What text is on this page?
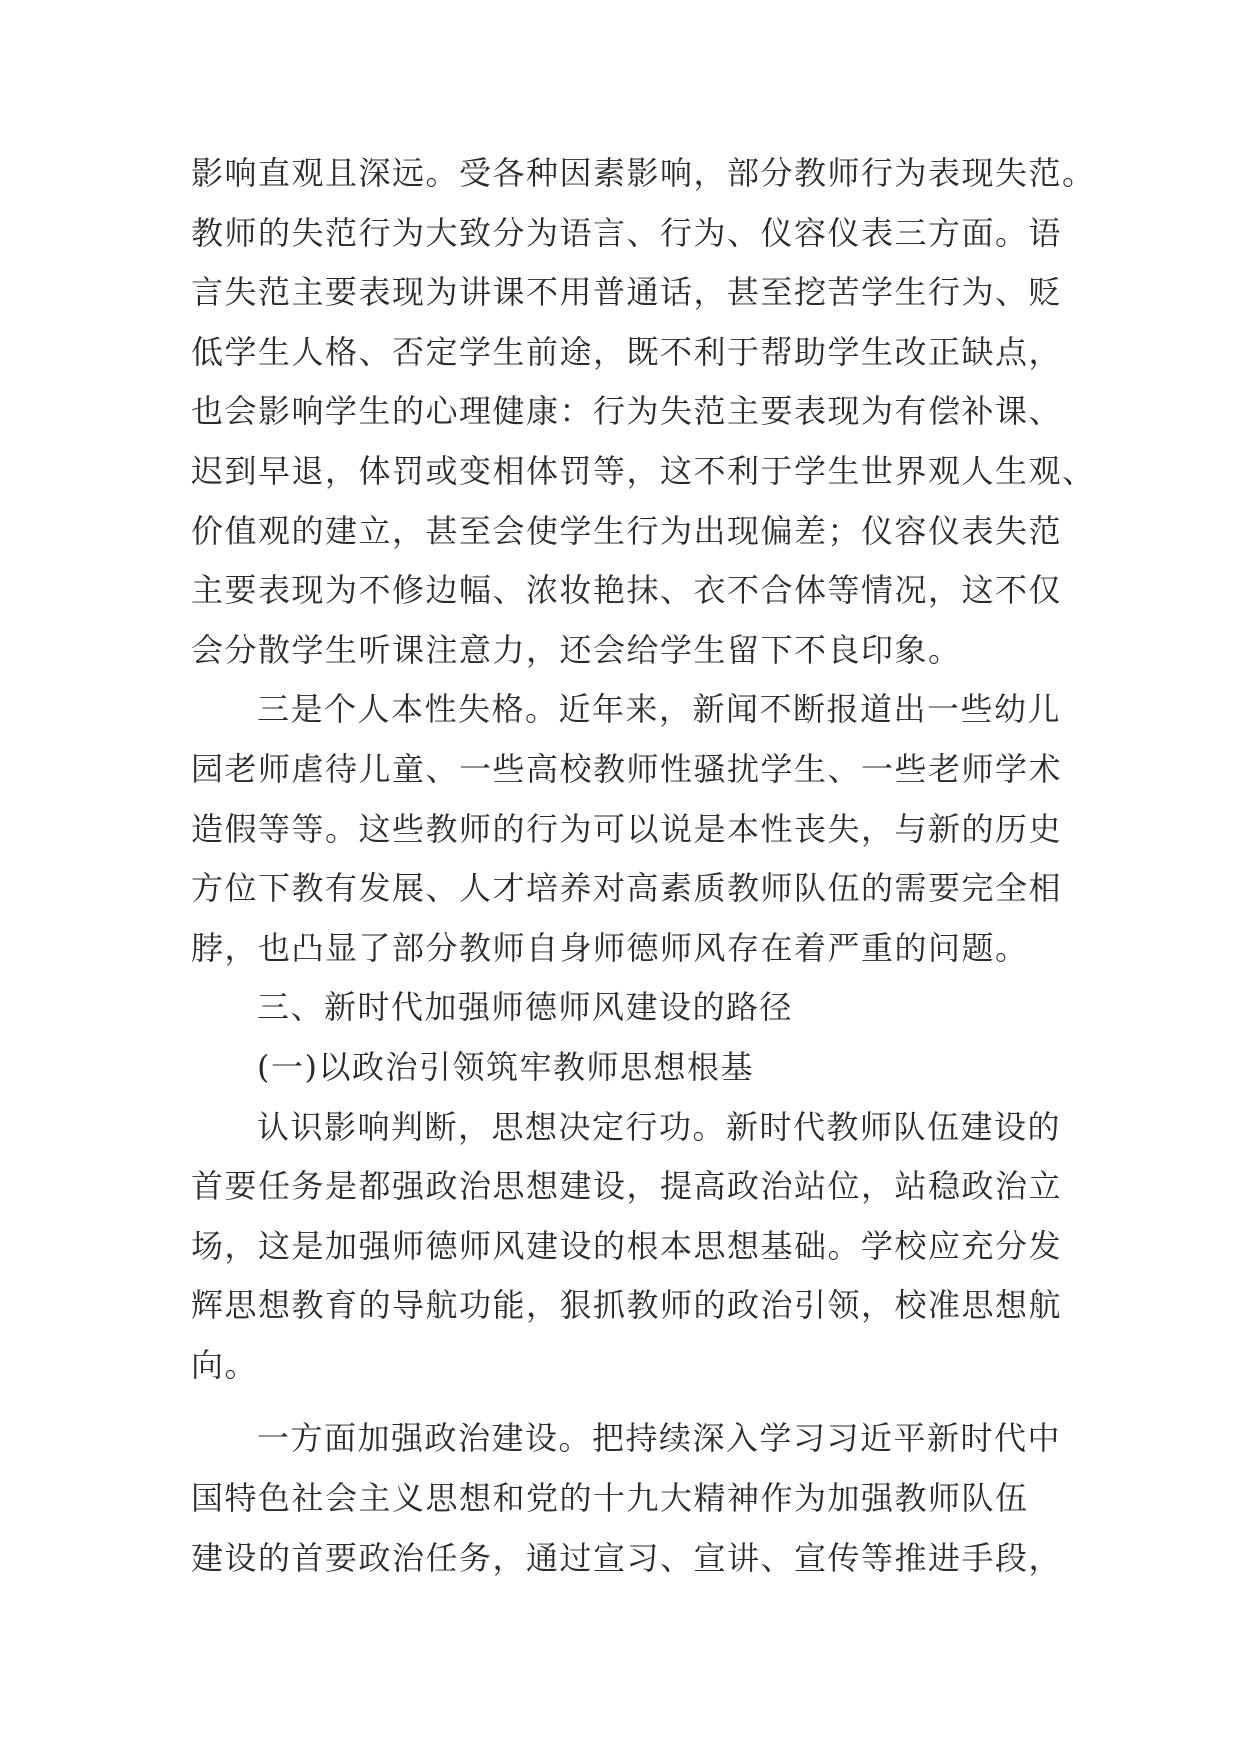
影响直观且深远。受各种因素影响，部分教师行为表现失范。
教师的失范行为大致分为语言、行为、仪容仪表三方面。语
言失范主要表现为讲课不用普通话，甚至挖苦学生行为、贬
低学生人格、否定学生前途，既不利于帮助学生改正缺点，
也会影响学生的心理健康：行为失范主要表现为有偿补课、
迟到早退，体罚或变相体罚等，这不利于学生世界观人生观、
价值观的建立，甚至会使学生行为出现偏差；仪容仪表失范
主要表现为不修边幅、浓妆艳抹、衣不合体等情况，这不仅
会分散学生听课注意力，还会给学生留下不良印象。
三是个人本性失格。近年来，新闻不断报道出一些幼儿
园老师虐待儿童、一些高校教师性骚扰学生、一些老师学术
造假等等。这些教师的行为可以说是本性丧失，与新的历史
方位下教有发展、人才培养对高素质教师队伍的需要完全相
脖，也凸显了部分教师自身师德师风存在着严重的问题。
三、新时代加强师德师风建设的路径
(一)以政治引领筑牢教师思想根基
认识影响判断，思想决定行功。新时代教师队伍建设的
首要任务是都强政治思想建设，提高政治站位，站稳政治立
场，这是加强师德师风建设的根本思想基础。学校应充分发
辉思想教育的导航功能，狠抓教师的政治引领，校准思想航
向。
一方面加强政治建设。把持续深入学习习近平新时代中
国特色社会主义思想和党的十九大精神作为加强教师队伍
建设的首要政治任务，通过宣习、宣讲、宣传等推进手段，
